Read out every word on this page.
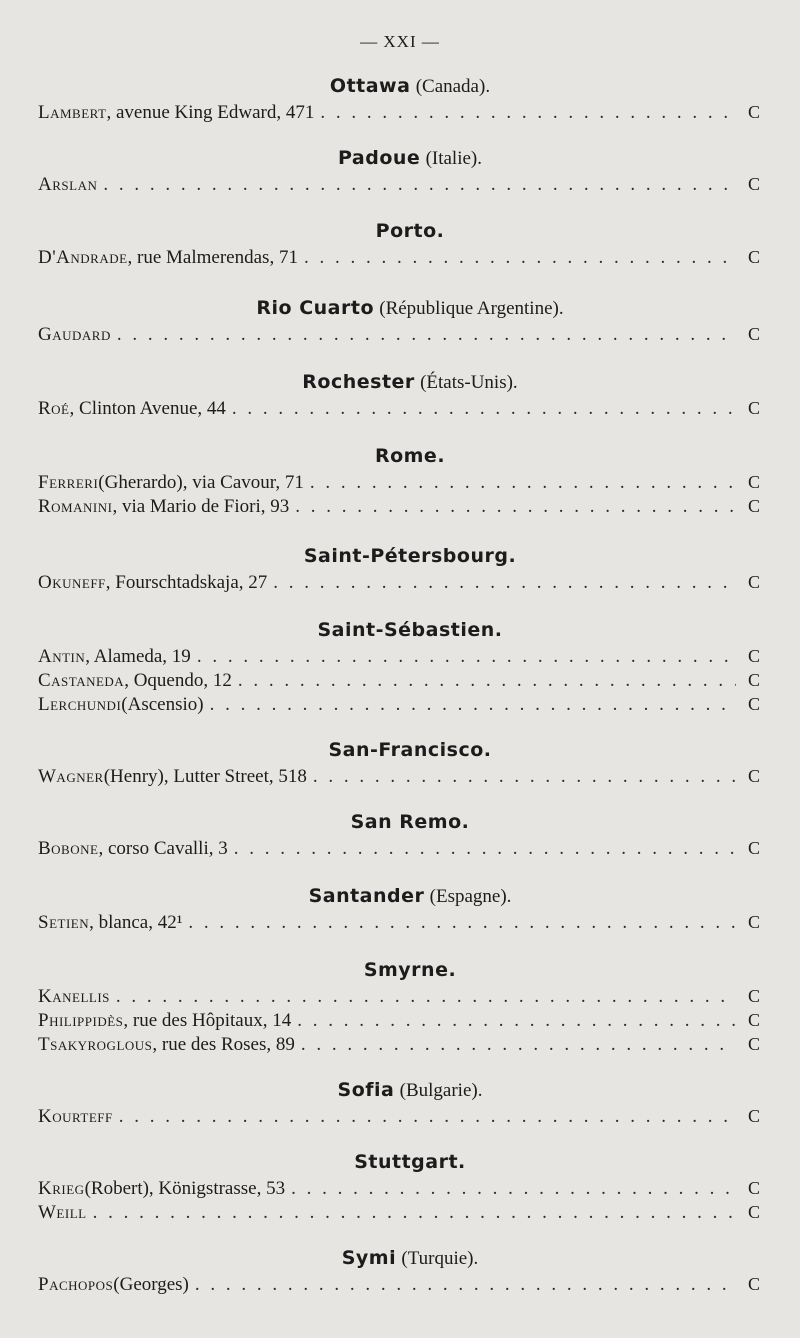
— XXI —
Ottawa (Canada).
Lambert , avenue King Edward, 471 . . .	C
Padoue (Italie).
Arslan . . .	C
Porto.
D'Andrade , rue Malmerendas, 71 . . .	C
Rio Cuarto (République Argentine).
Gaudard . . .	C
Rochester (États-Unis).
Roé , Clinton Avenue, 44 . . .	C
Rome.
Ferreri (Gherardo), via Cavour, 71 . . .	C
Romanini , via Mario de Fiori, 93 . . .	C
Saint-Pétersbourg.
Okuneff , Fourschtadskaja, 27 . . .	C
Saint-Sébastien.
Antin , Alameda, 19 . . .	C
Castaneda , Oquendo, 12 . . .	C
Lerchundi (Ascensio) . . .	C
San-Francisco.
Wagner (Henry), Lutter Street, 518 . . .	C
San Remo.
Bobone , corso Cavalli, 3 . . .	C
Santander (Espagne).
Setien , blanca, 42¹ . . .	C
Smyrne.
Kanellis . . .	C
Philippidès , rue des Hôpitaux, 14 . . .	C
Tsakyroglous , rue des Roses, 89 . . .	C
Sofia (Bulgarie).
Kourteff . . .	C
Stuttgart.
Krieg (Robert), Königstrasse, 53 . . .	C
Weill . . .	C
Symi (Turquie).
Pachopos (Georges) . . .	C
